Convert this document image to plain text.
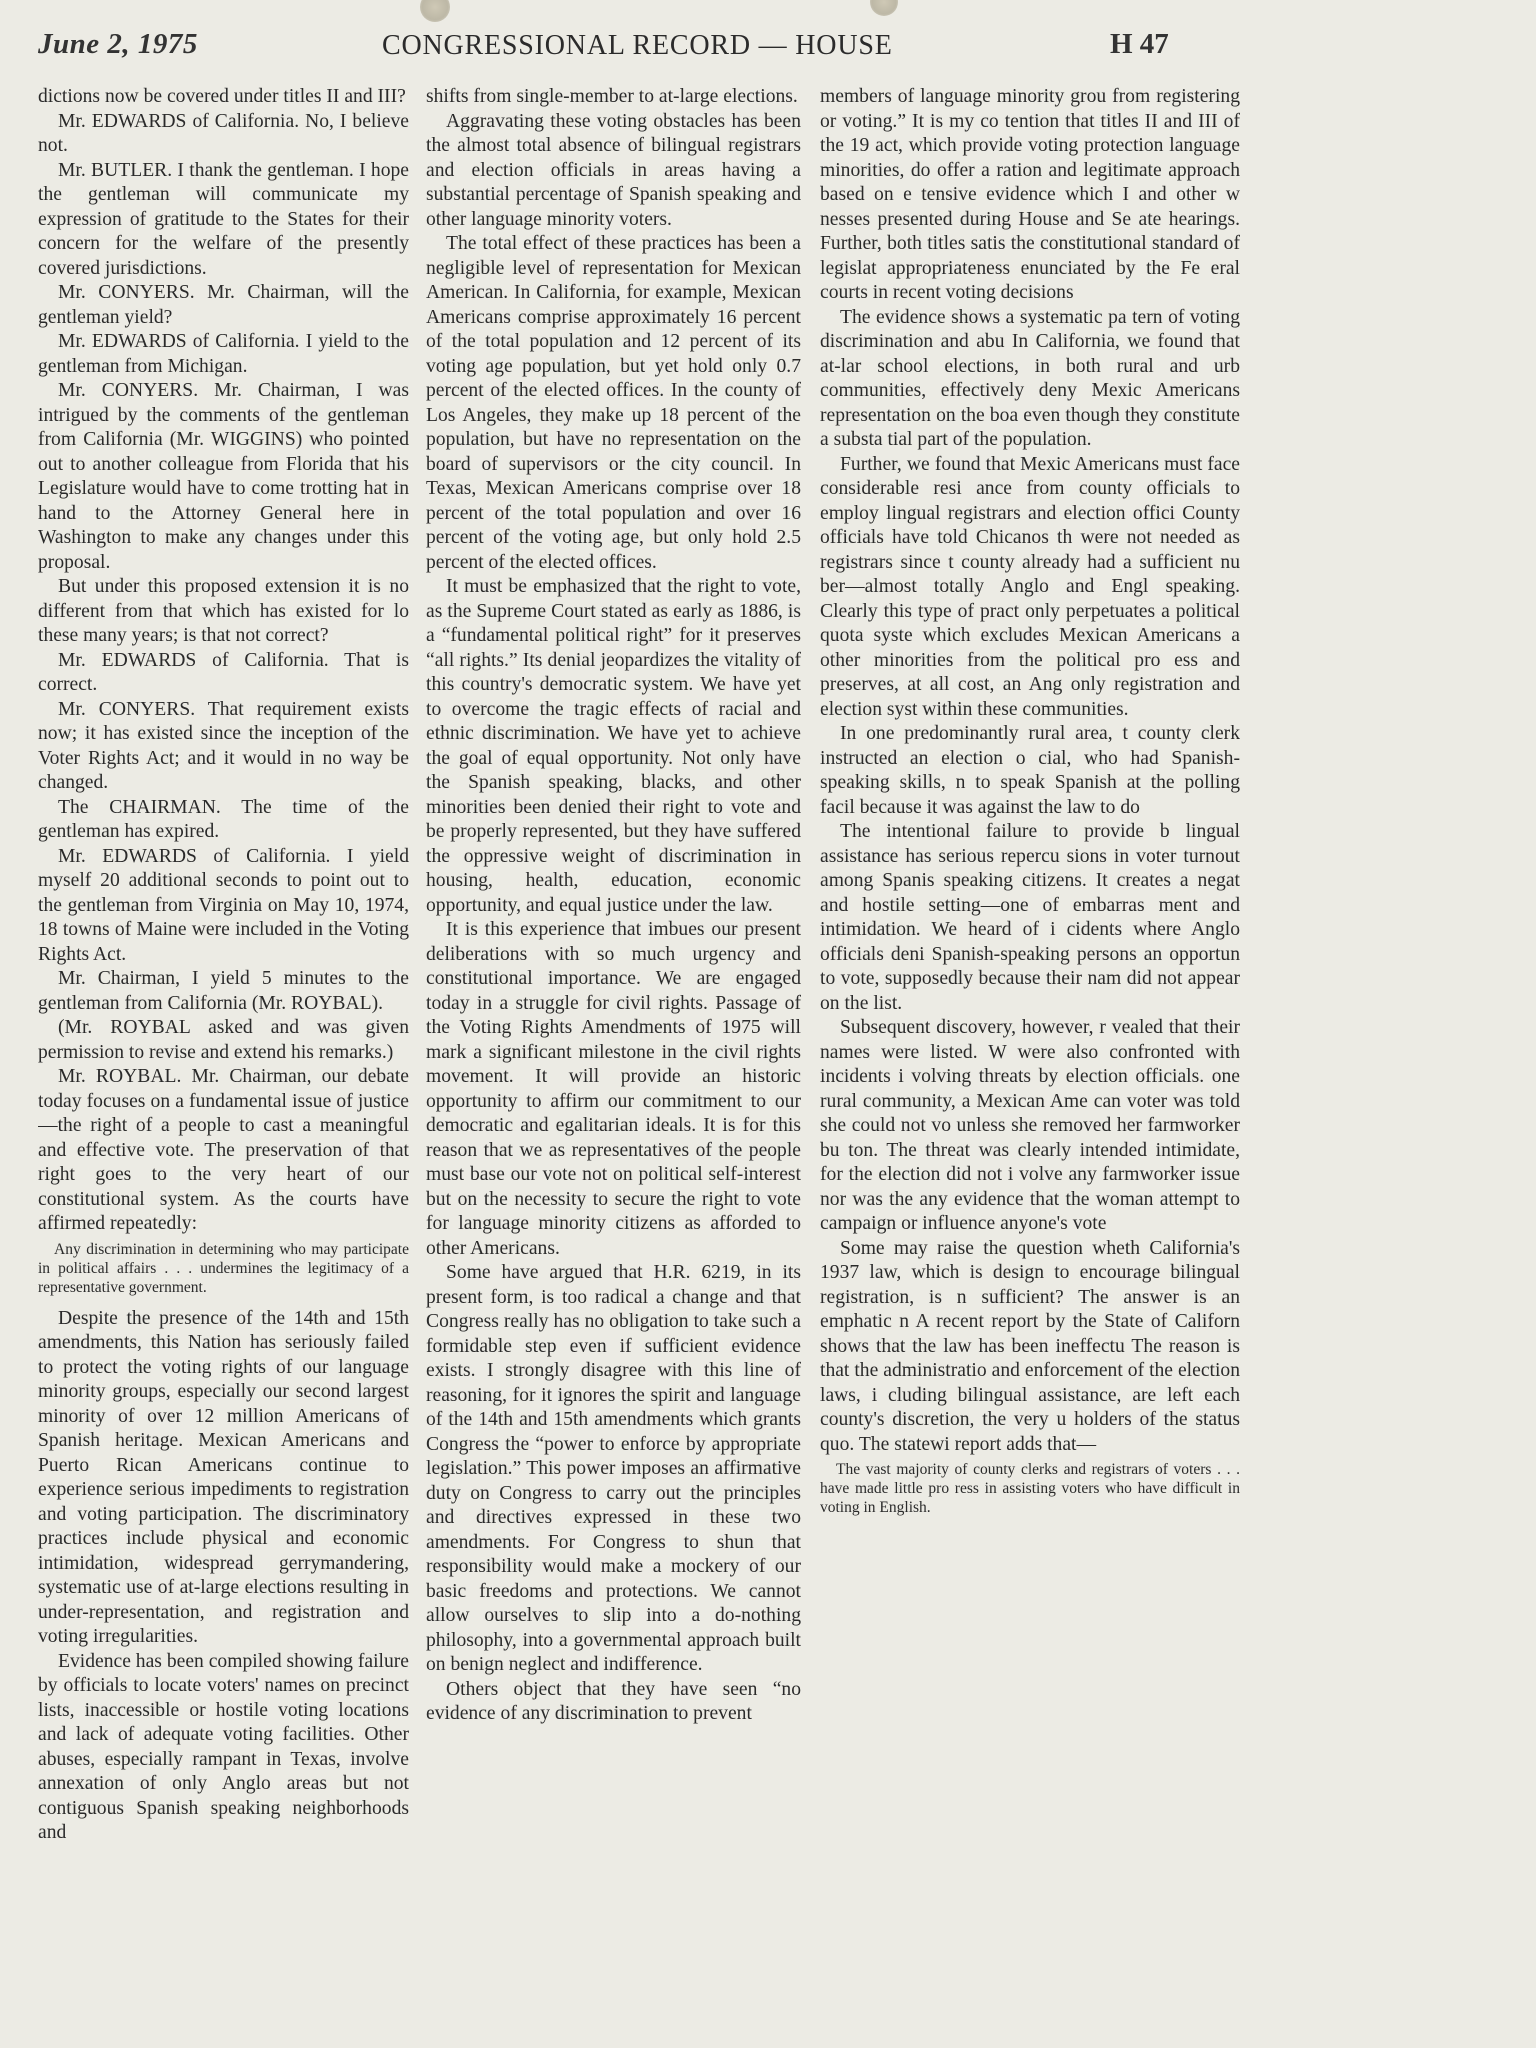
June 2, 1975	CONGRESSIONAL RECORD — HOUSE	H 47

dictions now be covered under titles II and III?

Mr. EDWARDS of California. No, I believe not.

Mr. BUTLER. I thank the gentleman. I hope the gentleman will communicate my expression of gratitude to the States for their concern for the welfare of the presently covered jurisdictions.

Mr. CONYERS. Mr. Chairman, will the gentleman yield?

Mr. EDWARDS of California. I yield to the gentleman from Michigan.

Mr. CONYERS. Mr. Chairman, I was intrigued by the comments of the gentleman from California (Mr. WIGGINS) who pointed out to another colleague from Florida that his Legislature would have to come trotting hat in hand to the Attorney General here in Washington to make any changes under this proposal.

But under this proposed extension it is no different from that which has existed for lo these many years; is that not correct?

Mr. EDWARDS of California. That is correct.

Mr. CONYERS. That requirement exists now; it has existed since the inception of the Voter Rights Act; and it would in no way be changed.

The CHAIRMAN. The time of the gentleman has expired.

Mr. EDWARDS of California. I yield myself 20 additional seconds to point out to the gentleman from Virginia on May 10, 1974, 18 towns of Maine were included in the Voting Rights Act.

Mr. Chairman, I yield 5 minutes to the gentleman from California (Mr. ROYBAL).

(Mr. ROYBAL asked and was given permission to revise and extend his remarks.)

Mr. ROYBAL. Mr. Chairman, our debate today focuses on a fundamental issue of justice—the right of a people to cast a meaningful and effective vote. The preservation of that right goes to the very heart of our constitutional system. As the courts have affirmed repeatedly:

Any discrimination in determining who may participate in political affairs . . . undermines the legitimacy of a representative government.

Despite the presence of the 14th and 15th amendments, this Nation has seriously failed to protect the voting rights of our language minority groups, especially our second largest minority of over 12 million Americans of Spanish heritage. Mexican Americans and Puerto Rican Americans continue to experience serious impediments to registration and voting participation. The discriminatory practices include physical and economic intimidation, widespread gerrymandering, systematic use of at-large elections resulting in under-representation, and registration and voting irregularities.

Evidence has been compiled showing failure by officials to locate voters' names on precinct lists, inaccessible or hostile voting locations and lack of adequate voting facilities. Other abuses, especially rampant in Texas, involve annexation of only Anglo areas but not contiguous Spanish speaking neighborhoods and

shifts from single-member to at-large elections.

Aggravating these voting obstacles has been the almost total absence of bilingual registrars and election officials in areas having a substantial percentage of Spanish speaking and other language minority voters.

The total effect of these practices has been a negligible level of representation for Mexican American. In California, for example, Mexican Americans comprise approximately 16 percent of the total population and 12 percent of its voting age population, but yet hold only 0.7 percent of the elected offices. In the county of Los Angeles, they make up 18 percent of the population, but have no representation on the board of supervisors or the city council. In Texas, Mexican Americans comprise over 18 percent of the total population and over 16 percent of the voting age, but only hold 2.5 percent of the elected offices.

It must be emphasized that the right to vote, as the Supreme Court stated as early as 1886, is a “fundamental political right” for it preserves “all rights.” Its denial jeopardizes the vitality of this country's democratic system. We have yet to overcome the tragic effects of racial and ethnic discrimination. We have yet to achieve the goal of equal opportunity. Not only have the Spanish speaking, blacks, and other minorities been denied their right to vote and be properly represented, but they have suffered the oppressive weight of discrimination in housing, health, education, economic opportunity, and equal justice under the law.

It is this experience that imbues our present deliberations with so much urgency and constitutional importance. We are engaged today in a struggle for civil rights. Passage of the Voting Rights Amendments of 1975 will mark a significant milestone in the civil rights movement. It will provide an historic opportunity to affirm our commitment to our democratic and egalitarian ideals. It is for this reason that we as representatives of the people must base our vote not on political self-interest but on the necessity to secure the right to vote for language minority citizens as afforded to other Americans.

Some have argued that H.R. 6219, in its present form, is too radical a change and that Congress really has no obligation to take such a formidable step even if sufficient evidence exists. I strongly disagree with this line of reasoning, for it ignores the spirit and language of the 14th and 15th amendments which grants Congress the “power to enforce by appropriate legislation.” This power imposes an affirmative duty on Congress to carry out the principles and directives expressed in these two amendments. For Congress to shun that responsibility would make a mockery of our basic freedoms and protections. We cannot allow ourselves to slip into a do-nothing philosophy, into a governmental approach built on benign neglect and indifference.

Others object that they have seen “no evidence of any discrimination to prevent

members of language minority grou from registering or voting.” It is my co tention that titles II and III of the 19 act, which provide voting protection language minorities, do offer a ration and legitimate approach based on e tensive evidence which I and other w nesses presented during House and Se ate hearings. Further, both titles satis the constitutional standard of legislat appropriateness enunciated by the Fe eral courts in recent voting decisions

The evidence shows a systematic pa tern of voting discrimination and abu In California, we found that at-lar school elections, in both rural and urb communities, effectively deny Mexic Americans representation on the boa even though they constitute a substa tial part of the population.

Further, we found that Mexic Americans must face considerable resi ance from county officials to employ lingual registrars and election offici County officials have told Chicanos th were not needed as registrars since t county already had a sufficient nu ber—almost totally Anglo and Engl speaking. Clearly this type of pract only perpetuates a political quota syste which excludes Mexican Americans a other minorities from the political pro ess and preserves, at all cost, an Ang only registration and election syst within these communities.

In one predominantly rural area, t county clerk instructed an election o cial, who had Spanish-speaking skills, n to speak Spanish at the polling facil because it was against the law to do

The intentional failure to provide b lingual assistance has serious repercu sions in voter turnout among Spanis speaking citizens. It creates a negat and hostile setting—one of embarras ment and intimidation. We heard of i cidents where Anglo officials deni Spanish-speaking persons an opportun to vote, supposedly because their nam did not appear on the list.

Subsequent discovery, however, r vealed that their names were listed. W were also confronted with incidents i volving threats by election officials. one rural community, a Mexican Ame can voter was told she could not vo unless she removed her farmworker bu ton. The threat was clearly intended intimidate, for the election did not i volve any farmworker issue nor was the any evidence that the woman attempt to campaign or influence anyone's vote

Some may raise the question wheth California's 1937 law, which is design to encourage bilingual registration, is n sufficient? The answer is an emphatic n A recent report by the State of Californ shows that the law has been ineffectu The reason is that the administratio and enforcement of the election laws, i cluding bilingual assistance, are left each county's discretion, the very u holders of the status quo. The statewi report adds that—

The vast majority of county clerks and registrars of voters . . . have made little pro ress in assisting voters who have difficult in voting in English.
